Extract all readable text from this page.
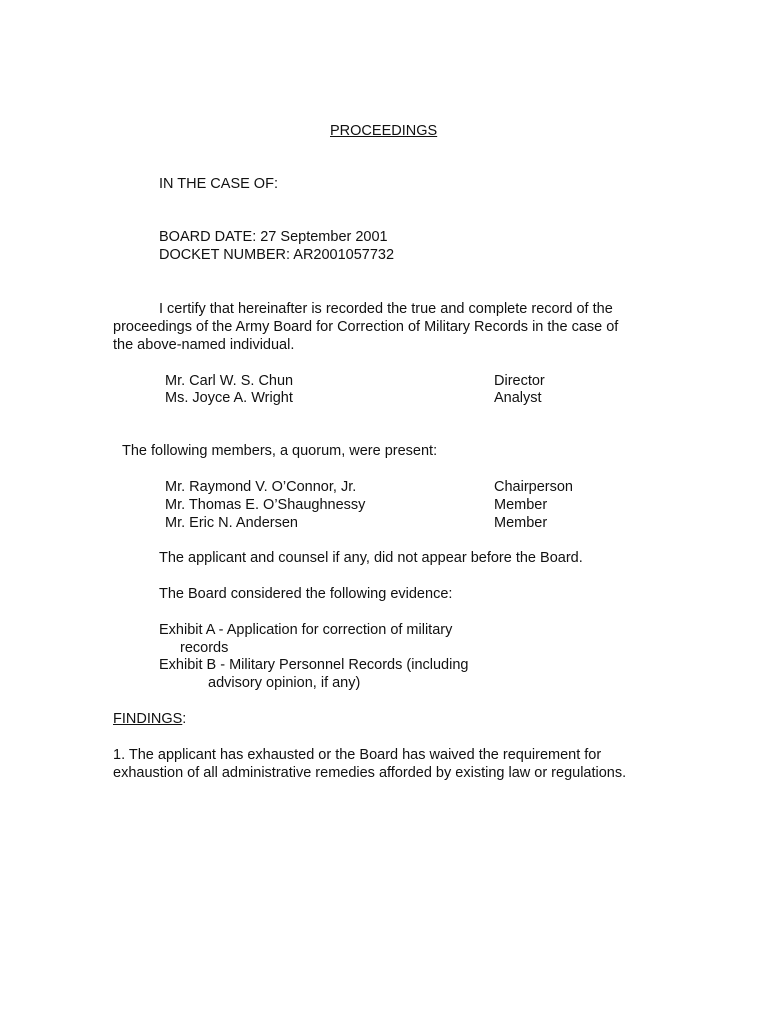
PROCEEDINGS
IN THE CASE OF:
BOARD DATE: 27 September 2001
DOCKET NUMBER: AR2001057732
I certify that hereinafter is recorded the true and complete record of the
proceedings of the Army Board for Correction of Military Records in the case of
the above-named individual.
Mr. Carl W. S. Chun	Director
Ms. Joyce A. Wright	Analyst
The following members, a quorum, were present:
Mr. Raymond V. O’Connor, Jr.	Chairperson
Mr. Thomas E. O’Shaughnessy	Member
Mr. Eric N. Andersen	Member
The applicant and counsel if any, did not appear before the Board.
The Board considered the following evidence:
Exhibit A - Application for correction of military
records
Exhibit B - Military Personnel Records (including
advisory opinion, if any)
FINDINGS:
1. The applicant has exhausted or the Board has waived the requirement for
exhaustion of all administrative remedies afforded by existing law or regulations.
